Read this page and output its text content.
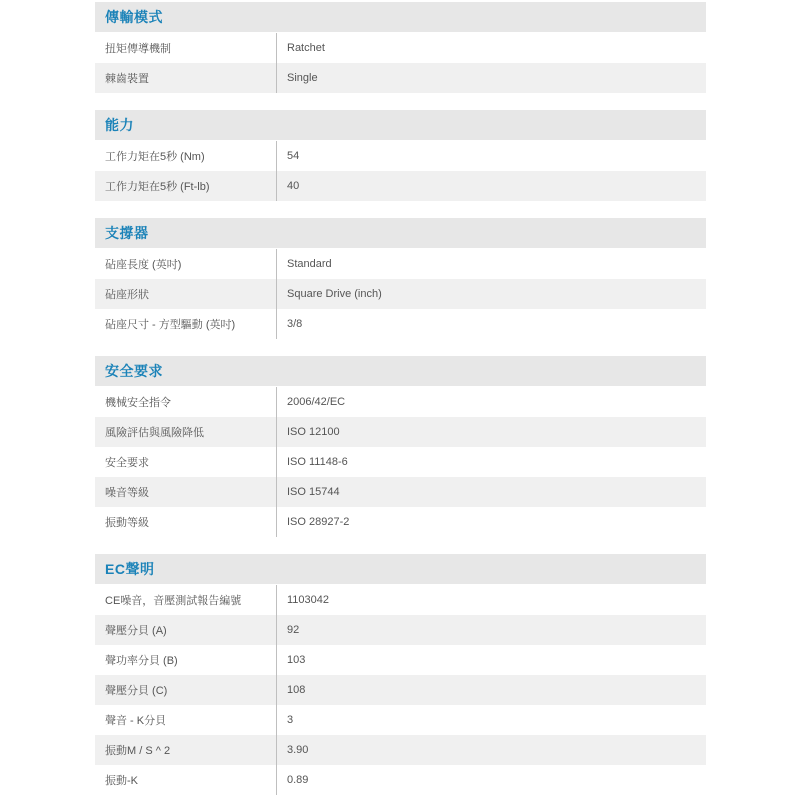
傳輸模式
扭矩傳導機制	Ratchet
棘齒裝置	Single
能力
工作力矩在5秒 (Nm)	54
工作力矩在5秒 (Ft-lb)	40
支撐器
砧座長度 (英吋)	Standard
砧座形狀	Square Drive (inch)
砧座尺寸 - 方型驅動 (英吋)	3/8
安全要求
機械安全指令	2006/42/EC
風險評估與風險降低	ISO 12100
安全要求	ISO 11148-6
噪音等級	ISO 15744
振動等級	ISO 28927-2
EC聲明
CE噪音，音壓測試報告編號	1103042
聲壓分貝 (A)	92
聲功率分貝 (B)	103
聲壓分貝 (C)	108
聲音 - K分貝	3
振動M / S ^ 2	3.90
振動-K	0.89
